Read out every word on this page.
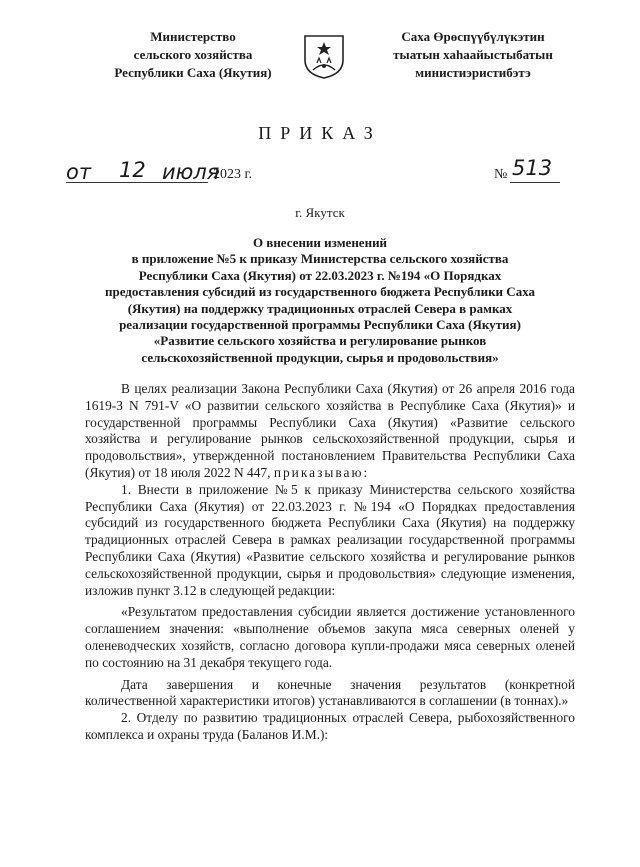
Министерство
сельского хозяйства
Республики Саха (Якутия)
Саха Өрөспүүбүлүкэтин
тыатын хаһаайыстыбатын
министиэристибэтэ
ПРИКАЗ
от 12 июля
2023 г.	№ 513
г. Якутск
О внесении изменений
в приложение №5 к приказу Министерства сельского хозяйства
Республики Саха (Якутия) от 22.03.2023 г. №194 «О Порядках
предоставления субсидий из государственного бюджета Республики Саха
(Якутия) на поддержку традиционных отраслей Севера в рамках
реализации государственной программы Республики Саха (Якутия)
«Развитие сельского хозяйства и регулирование рынков
сельскохозяйственной продукции, сырья и продовольствия»

В целях реализации Закона Республики Саха (Якутия) от 26 апреля 2016 года 1619-З N 791-V «О развитии сельского хозяйства в Республике Саха (Якутия)» и государственной программы Республики Саха (Якутия) «Развитие сельского хозяйства и регулирование рынков сельскохозяйственной продукции, сырья и продовольствия», утвержденной постановлением Правительства Республики Саха (Якутия) от 18 июля 2022 N 447, приказываю:

1. Внести в приложение №5 к приказу Министерства сельского хозяйства Республики Саха (Якутия) от 22.03.2023 г. №194 «О Порядках предоставления субсидий из государственного бюджета Республики Саха (Якутия) на поддержку традиционных отраслей Севера в рамках реализации государственной программы Республики Саха (Якутия) «Развитие сельского хозяйства и регулирование рынков сельскохозяйственной продукции, сырья и продовольствия» следующие изменения, изложив пункт 3.12 в следующей редакции:

«Результатом предоставления субсидии является достижение установленного соглашением значения: «выполнение объемов закупа мяса северных оленей у оленеводческих хозяйств, согласно договора купли-продажи мяса северных оленей по состоянию на 31 декабря текущего года.

Дата завершения и конечные значения результатов (конкретной количественной характеристики итогов) устанавливаются в соглашении (в тоннах).»

2. Отделу по развитию традиционных отраслей Севера, рыбохозяйственного комплекса и охраны труда (Баланов И.М.):
